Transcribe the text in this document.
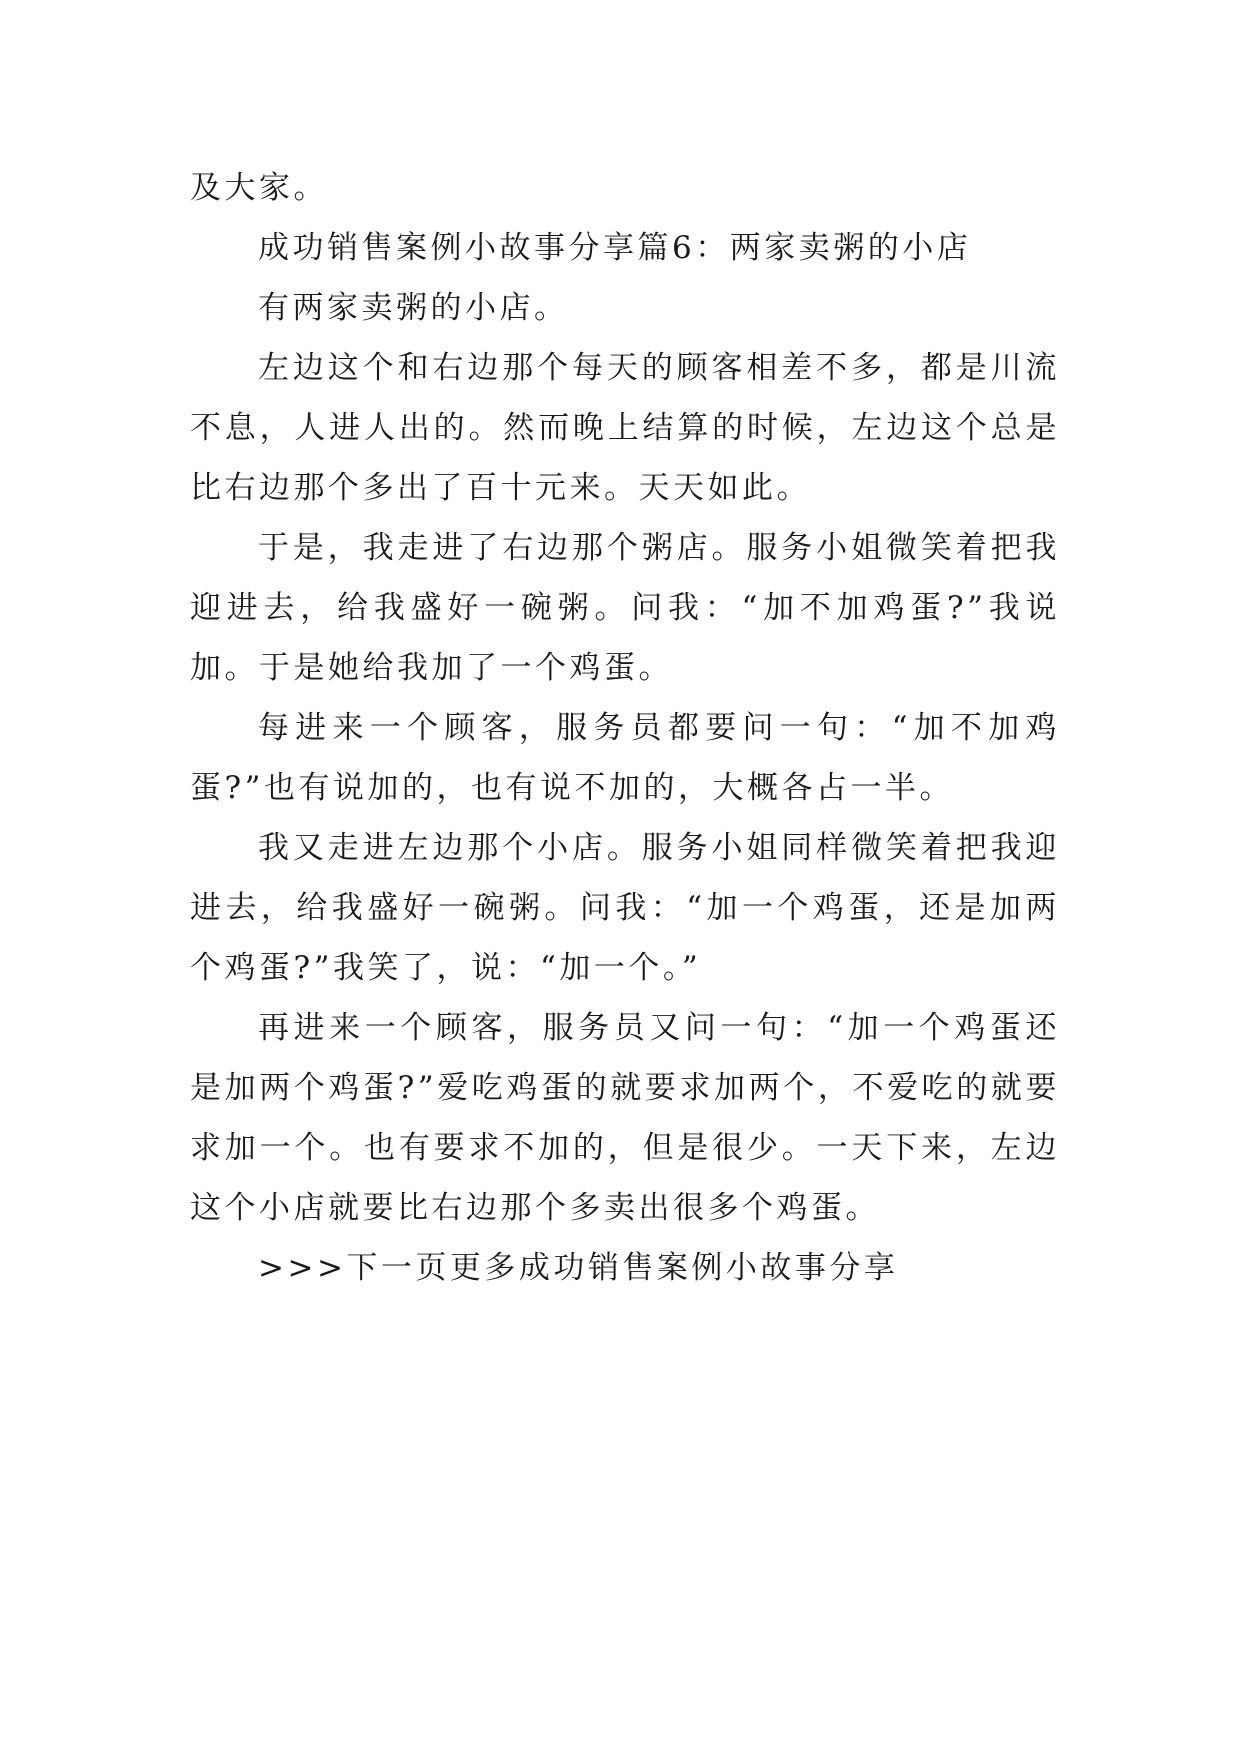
及大家。

成功销售案例小故事分享篇6：两家卖粥的小店

有两家卖粥的小店。

左边这个和右边那个每天的顾客相差不多，都是川流不息，人进人出的。然而晚上结算的时候，左边这个总是比右边那个多出了百十元来。天天如此。

于是，我走进了右边那个粥店。服务小姐微笑着把我迎进去，给我盛好一碗粥。问我：“加不加鸡蛋?”我说加。于是她给我加了一个鸡蛋。

每进来一个顾客，服务员都要问一句：“加不加鸡蛋?”也有说加的，也有说不加的，大概各占一半。

我又走进左边那个小店。服务小姐同样微笑着把我迎进去，给我盛好一碗粥。问我：“加一个鸡蛋，还是加两个鸡蛋?”我笑了，说：“加一个。”

再进来一个顾客，服务员又问一句：“加一个鸡蛋还是加两个鸡蛋?”爱吃鸡蛋的就要求加两个，不爱吃的就要求加一个。也有要求不加的，但是很少。一天下来，左边这个小店就要比右边那个多卖出很多个鸡蛋。

>>>下一页更多成功销售案例小故事分享
